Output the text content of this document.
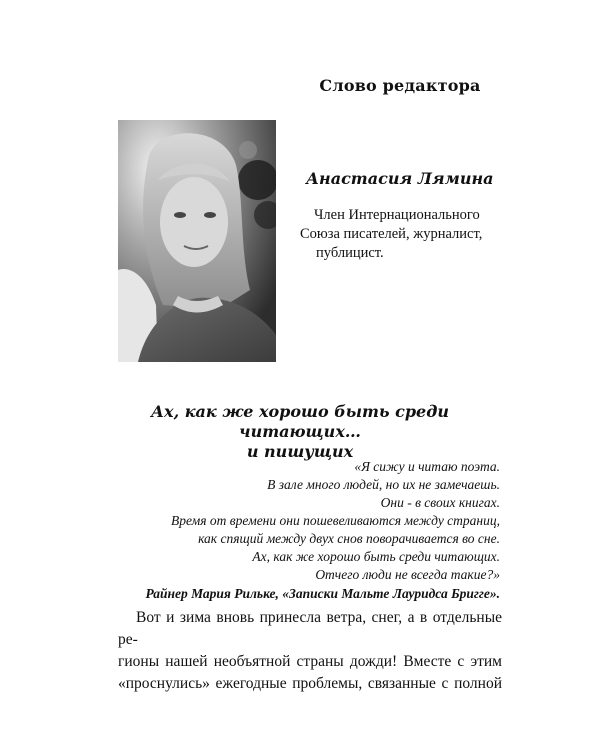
Слово редактора
Анастасия Лямина
Член Интернационального
Союза писателей, журналист,
публицист.
Ах, как же хорошо быть среди читающих…
и пишущих
«Я сижу и читаю поэта.
В зале много людей, но их не замечаешь.
Они - в своих книгах.
Время от времени они пошевеливаются между страниц,
как спящий между двух снов поворачивается во сне.
Ах, как же хорошо быть среди читающих.
Отчего люди не всегда такие?»
Райнер Мария Рильке, «Записки Мальте Лауридса Бригге».
Вот и зима вновь принесла ветра, снег, а в отдельные ре-
гионы нашей необъятной страны дожди! Вместе с этим
«проснулись» ежегодные проблемы, связанные с полной
